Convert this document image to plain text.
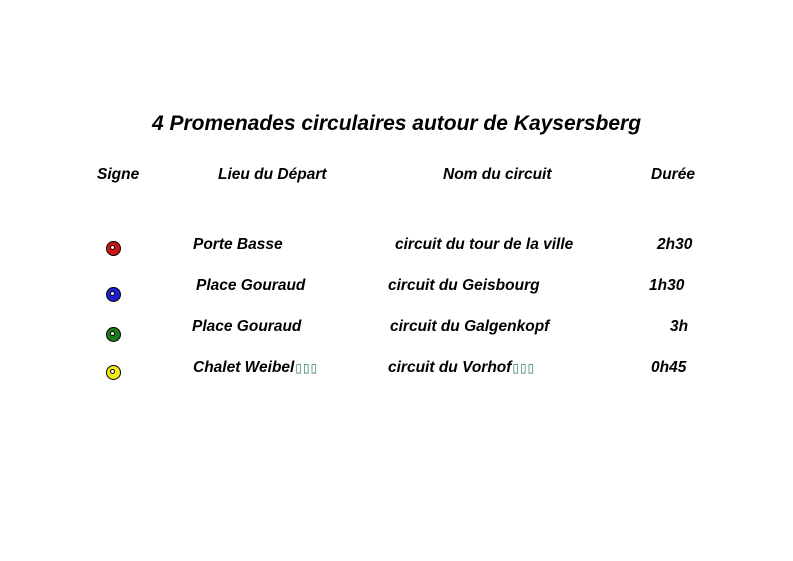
4 Promenades circulaires autour de Kaysersberg
Signe	Lieu du Départ	Nom du circuit	Durée
Porte Basse	circuit du tour de la ville	2h30
Place Gouraud	circuit du Geisbourg	1h30
Place Gouraud	circuit du Galgenkopf	3h
Chalet Weibel▯▯▯	circuit du Vorhof▯▯▯	0h45
